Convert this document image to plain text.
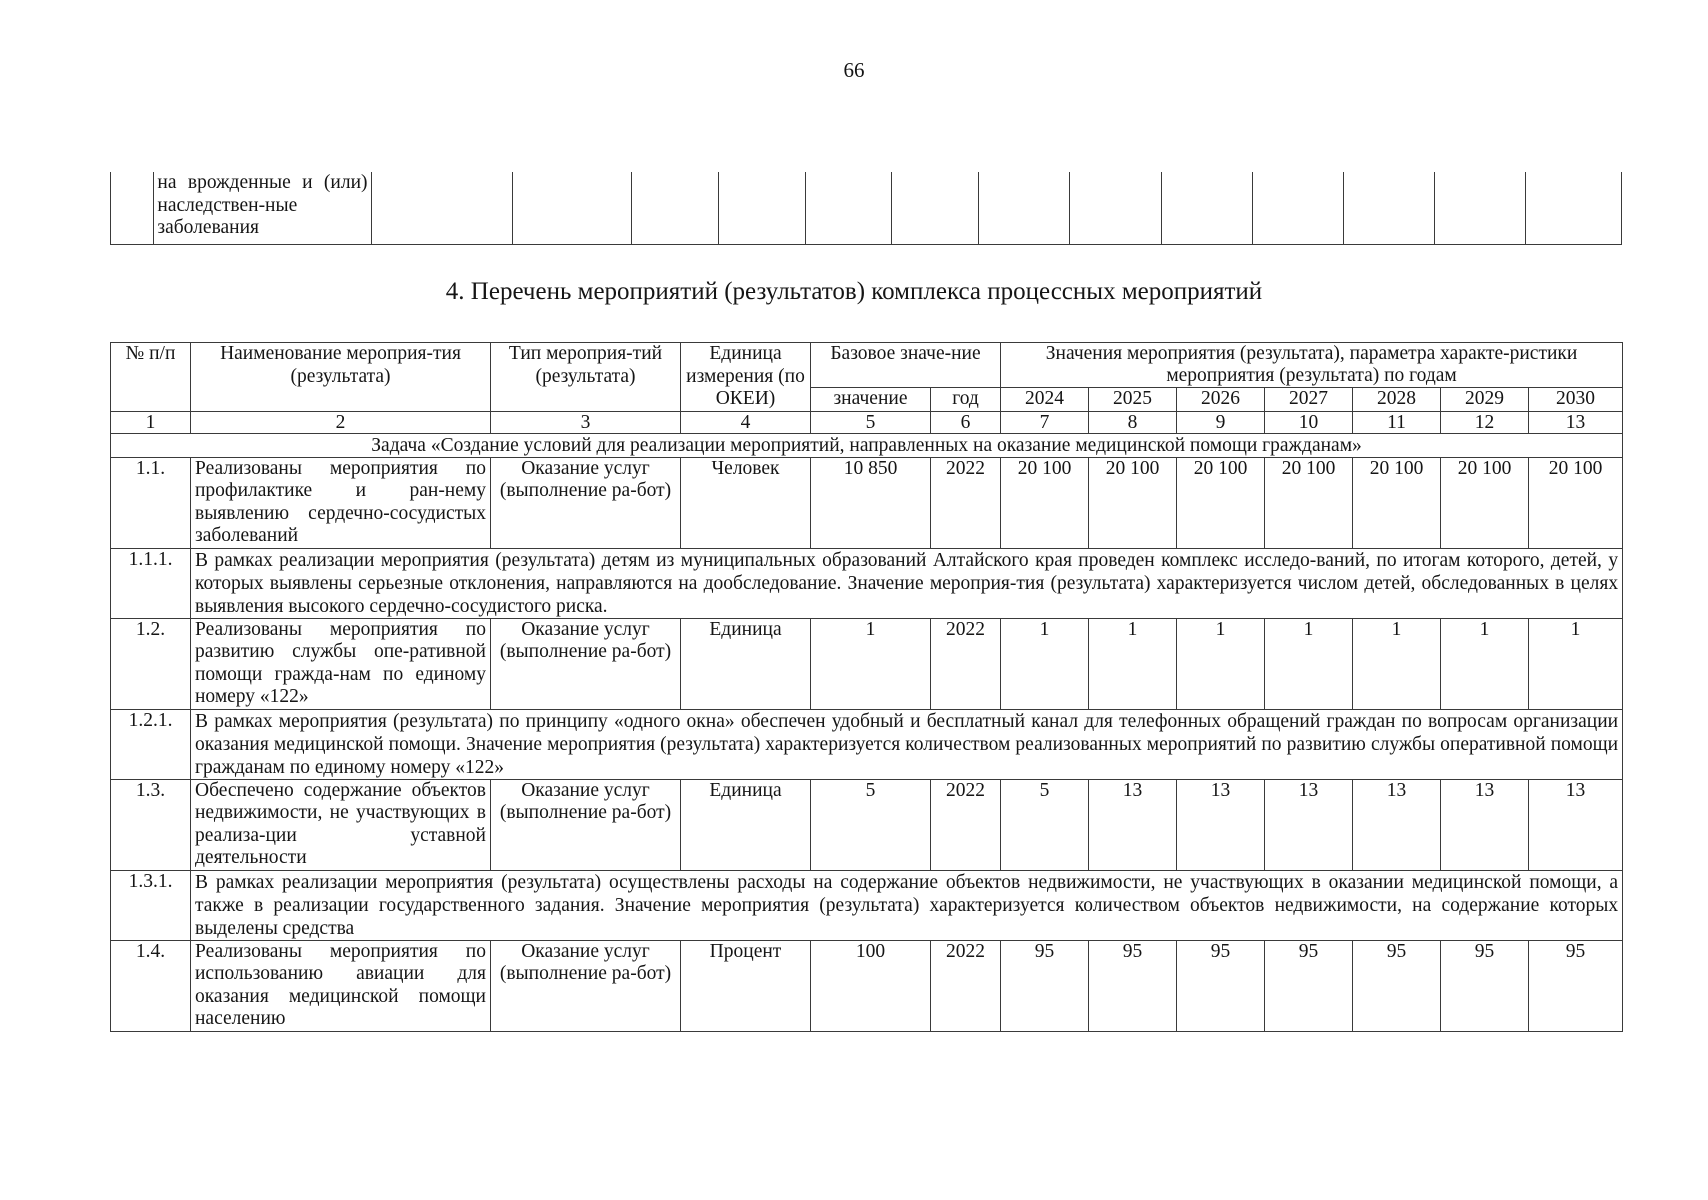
66
	на врожденные и (или) наследствен-ные заболевания													
4. Перечень мероприятий (результатов) комплекса процессных мероприятий
№ п/п	Наименование мероприя-тия (результата)	Тип мероприя-тий (результата)	Единица измерения (по ОКЕИ)	Базовое значе-ние		Значения мероприятия (результата), параметра характе-ристики мероприятия (результата) по годам						
				значение	год	2024	2025	2026	2027	2028	2029	2030
1	2	3	4	5	6	7	8	9	10	11	12	13
Задача «Создание условий для реализации мероприятий, направленных на оказание медицинской помощи гражданам»												
1.1.	Реализованы мероприятия по профилактике и ран-нему выявлению сердечно-сосудистых заболеваний	Оказание услуг (выполнение ра-бот)	Человек	10 850	2022	20 100	20 100	20 100	20 100	20 100	20 100	20 100
1.1.1.	В рамках реализации мероприятия (результата) детям из муниципальных образований Алтайского края проведен комплекс исследо-ваний, по итогам которого, детей, у которых выявлены серьезные отклонения, направляются на дообследование. Значение мероприя-тия (результата) характеризуется числом детей, обследованных в целях выявления высокого сердечно-сосудистого риска.											
1.2.	Реализованы мероприятия по развитию службы опе-ративной помощи гражда-нам по единому номеру «122»	Оказание услуг (выполнение ра-бот)	Единица	1	2022	1	1	1	1	1	1	1
1.2.1.	В рамках мероприятия (результата) по принципу «одного окна» обеспечен удобный и бесплатный канал для телефонных обращений граждан по вопросам организации оказания медицинской помощи. Значение мероприятия (результата) характеризуется количеством реализованных мероприятий по развитию службы оперативной помощи гражданам по единому номеру «122»											
1.3.	Обеспечено содержание объектов недвижимости, не участвующих в реализа-ции уставной деятельности	Оказание услуг (выполнение ра-бот)	Единица	5	2022	5	13	13	13	13	13	13
1.3.1.	В рамках реализации мероприятия (результата) осуществлены расходы на содержание объектов недвижимости, не участвующих в оказании медицинской помощи, а также в реализации государственного задания. Значение мероприятия (результата) характеризуется количеством объектов недвижимости, на содержание которых выделены средства											
1.4.	Реализованы мероприятия по использованию авиации для оказания медицинской помощи населению	Оказание услуг (выполнение ра-бот)	Процент	100	2022	95	95	95	95	95	95	95
